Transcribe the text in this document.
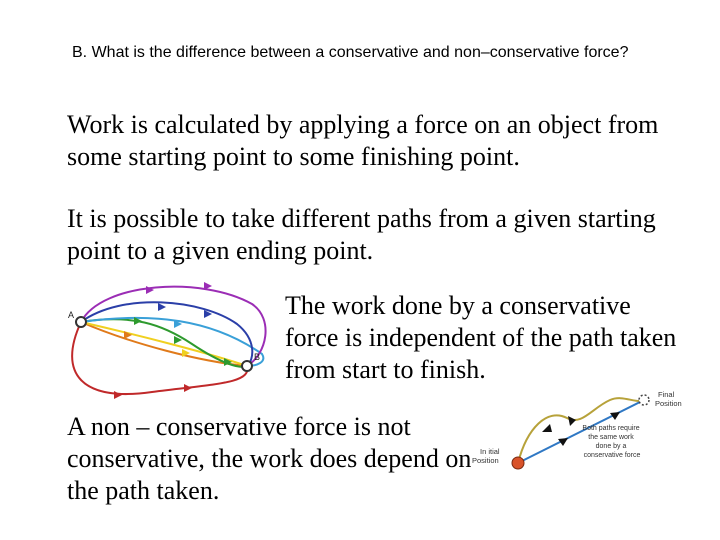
B. What is the difference between a conservative and non–conservative force?
Work is calculated by applying a force on an object from some starting point to some finishing point.
It is possible to take different paths from a given starting point to a given ending point.
The work done by a conservative force is independent of the path taken from start to finish.
A non – conservative force is not conservative, the work does depend on the path taken.
A
B
In itial Position
Final Position
Both paths require the same work done by a conservative force
